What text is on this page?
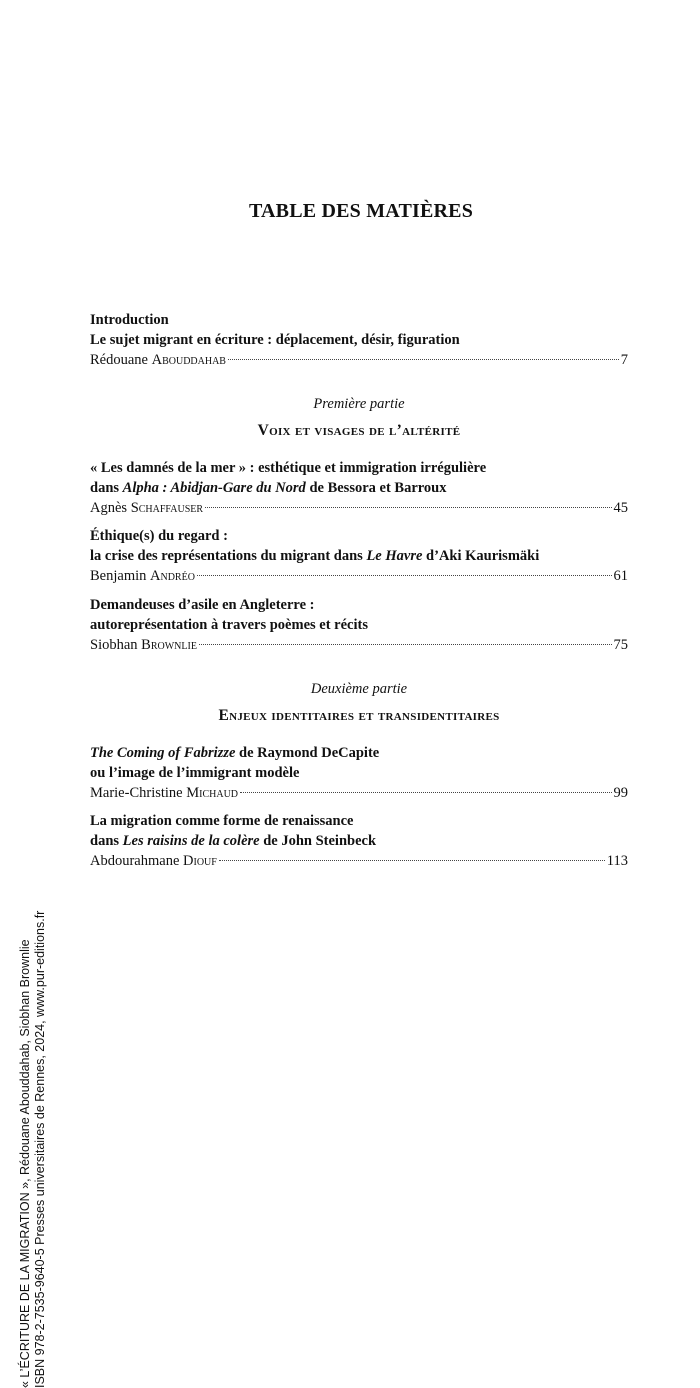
TABLE DES MATIÈRES
Introduction
Le sujet migrant en écriture : déplacement, désir, figuration
Rédouane Abouddahab	7
Première partie
Voix et visages de l’altérité
« Les damnés de la mer » : esthétique et immigration irrégulière
dans Alpha : Abidjan-Gare du Nord de Bessora et Barroux
Agnès Schaffauser	45
Éthique(s) du regard :
la crise des représentations du migrant dans Le Havre d’Aki Kaurismäki
Benjamin Andréo	61
Demandeuses d’asile en Angleterre :
autoreprésentation à travers poèmes et récits
Siobhan Brownlie	75
Deuxième partie
Enjeux identitaires et transidentitaires
The Coming of Fabrizze de Raymond DeCapite
ou l’image de l’immigrant modèle
Marie-Christine Michaud	99
La migration comme forme de renaissance
dans Les raisins de la colère de John Steinbeck
Abdourahmane Diouf	113
« L’ÉCRITURE DE LA MIGRATION », Rédouane Abouddahab, Siobhan Brownlie ISBN 978-2-7535-9640-5 Presses universitaires de Rennes, 2024, www.pur-editions.fr
